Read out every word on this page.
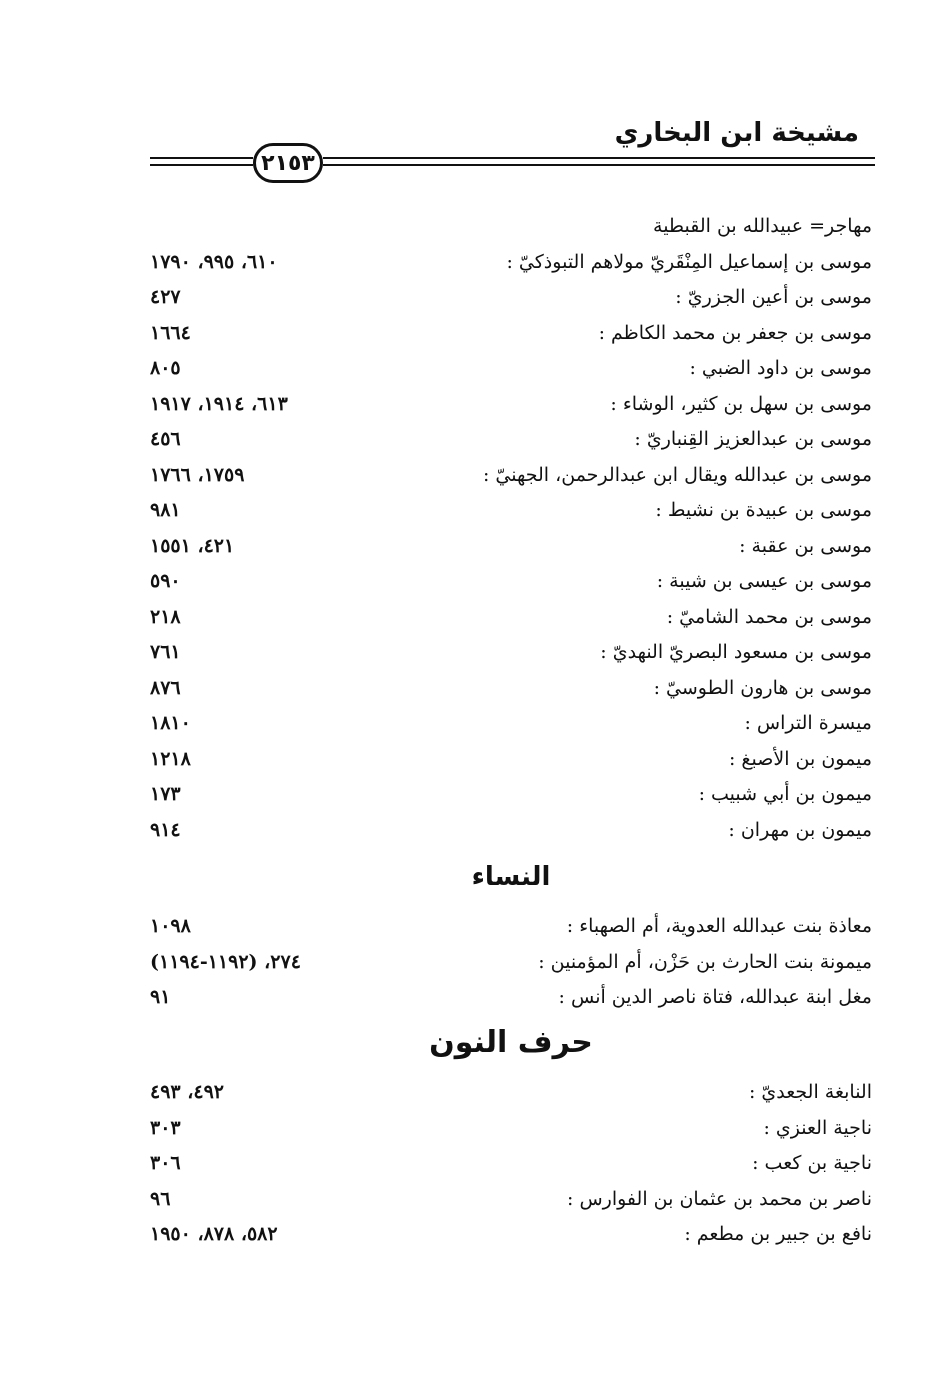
مشيخة ابن البخاري
٢١٥٣
مهاجر= عبيدالله بن القبطية
موسى بن إسماعيل المِنْقَريّ مولاهم التبوذكيّ :
٦١٠، ٩٩٥، ١٧٩٠
موسى بن أعين الجزريّ :
٤٢٧
موسى بن جعفر بن محمد الكاظم :
١٦٦٤
موسى بن داود الضبي :
٨٠٥
موسى بن سهل بن كثير، الوشاء :
٦١٣، ١٩١٤، ١٩١٧
موسى بن عبدالعزيز القِنباريّ :
٤٥٦
موسى بن عبدالله ويقال ابن عبدالرحمن، الجهنيّ :
١٧٥٩، ١٧٦٦
موسى بن عبيدة بن نشيط :
٩٨١
موسى بن عقبة :
٤٢١، ١٥٥١
موسى بن عيسى بن شيبة :
٥٩٠
موسى بن محمد الشاميّ :
٢١٨
موسى بن مسعود البصريّ النهديّ :
٧٦١
موسى بن هارون الطوسيّ :
٨٧٦
ميسرة التراس :
١٨١٠
ميمون بن الأصبغ :
١٢١٨
ميمون بن أبي شبيب :
١٧٣
ميمون بن مهران :
٩١٤
النساء
معاذة بنت عبدالله العدوية، أم الصهباء :
١٠٩٨
ميمونة بنت الحارث بن حَزْن، أم المؤمنين :
٢٧٤، (١١٩٢-١١٩٤)
مغل ابنة عبدالله، فتاة ناصر الدين أنس :
٩١
حرف النون
النابغة الجعديّ :
٤٩٢، ٤٩٣
ناجية العنزي :
٣٠٣
ناجية بن كعب :
٣٠٦
ناصر بن محمد بن عثمان بن الفوارس :
٩٦
نافع بن جبير بن مطعم :
٥٨٢، ٨٧٨، ١٩٥٠
